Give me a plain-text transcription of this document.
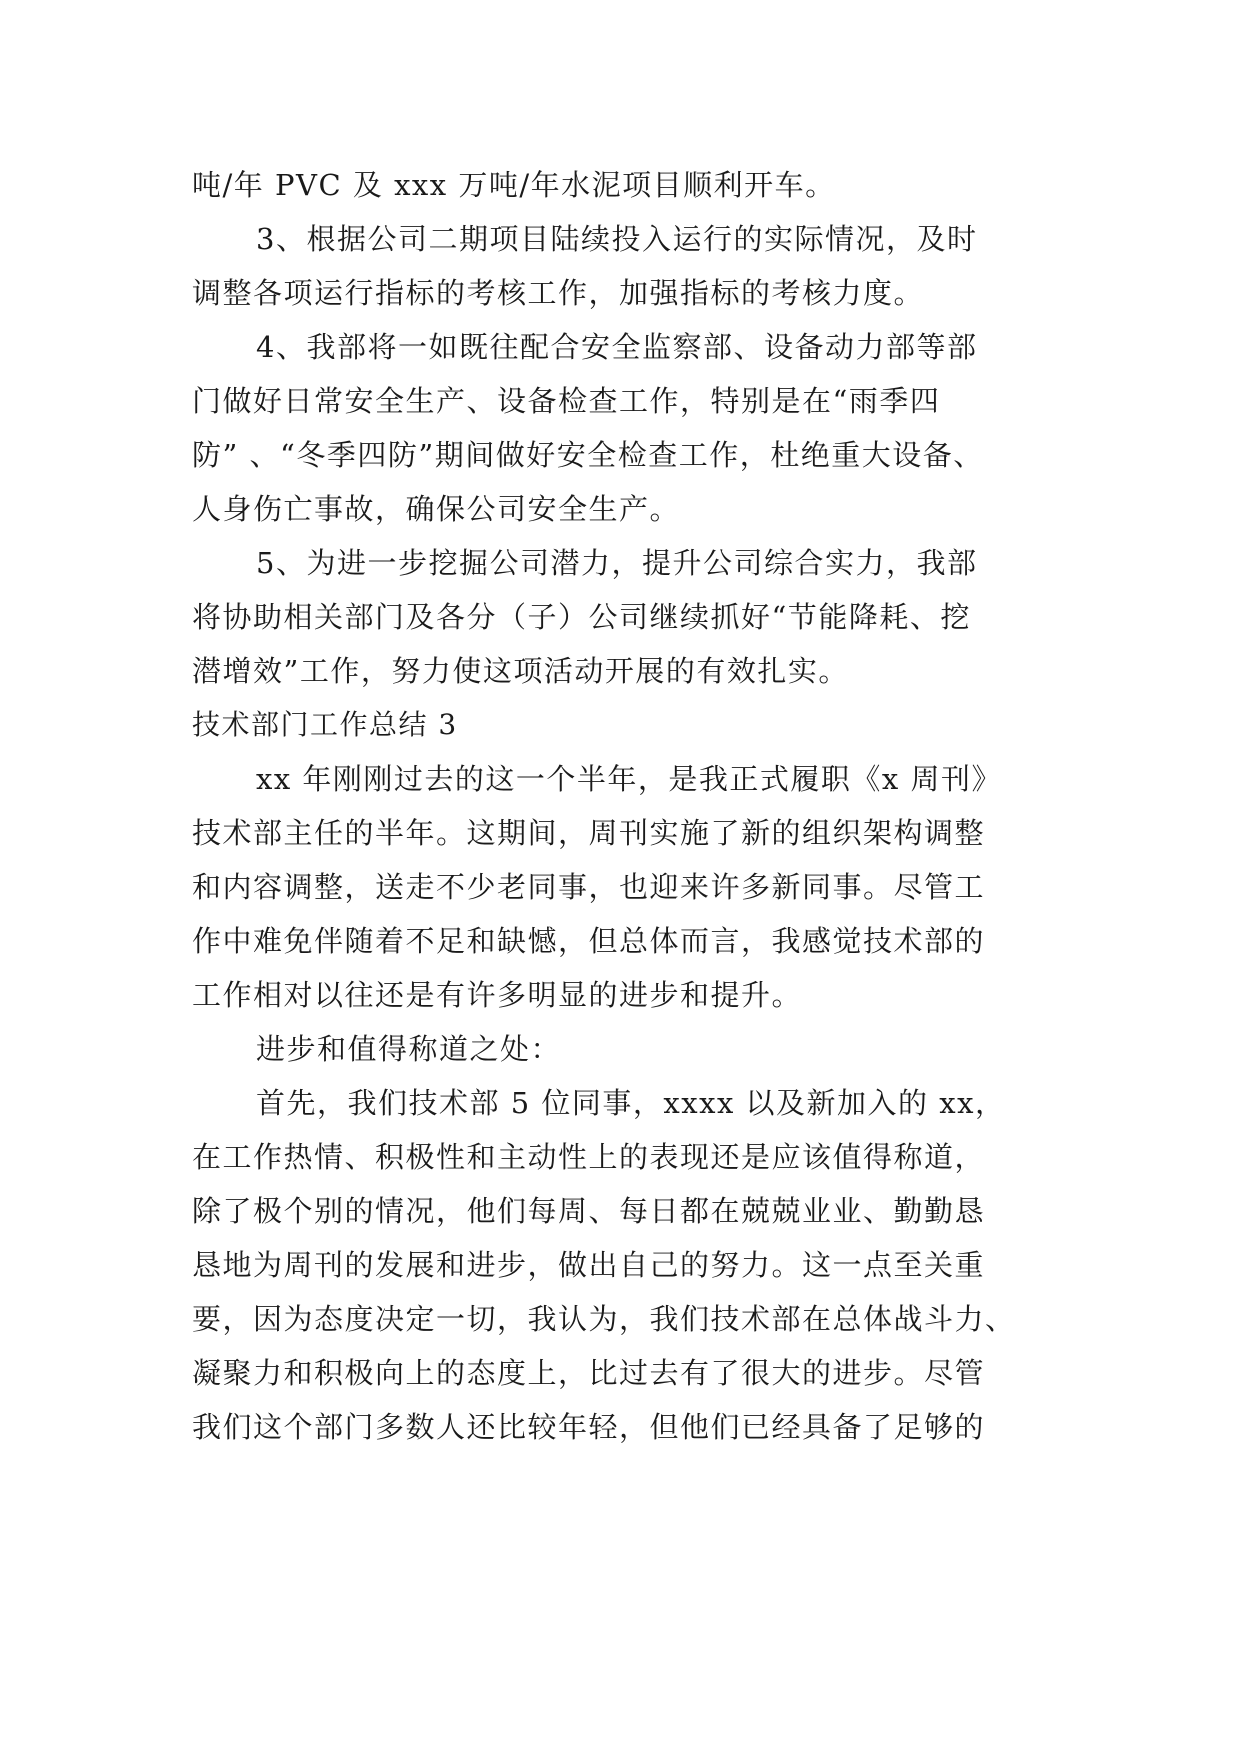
吨/年 PVC 及 xxx 万吨/年水泥项目顺利开车。
3、根据公司二期项目陆续投入运行的实际情况，及时
调整各项运行指标的考核工作，加强指标的考核力度。
4、我部将一如既往配合安全监察部、设备动力部等部
门做好日常安全生产、设备检查工作，特别是在“雨季四
防” 、“冬季四防”期间做好安全检查工作，杜绝重大设备、
人身伤亡事故，确保公司安全生产。
5、为进一步挖掘公司潜力，提升公司综合实力，我部
将协助相关部门及各分（子）公司继续抓好“节能降耗、挖
潜增效”工作，努力使这项活动开展的有效扎实。
技术部门工作总结 3
xx 年刚刚过去的这一个半年，是我正式履职《x 周刊》
技术部主任的半年。这期间，周刊实施了新的组织架构调整
和内容调整，送走不少老同事，也迎来许多新同事。尽管工
作中难免伴随着不足和缺憾，但总体而言，我感觉技术部的
工作相对以往还是有许多明显的进步和提升。
进步和值得称道之处：
首先，我们技术部 5 位同事，xxxx 以及新加入的 xx，
在工作热情、积极性和主动性上的表现还是应该值得称道，
除了极个别的情况，他们每周、每日都在兢兢业业、勤勤恳
恳地为周刊的发展和进步，做出自己的努力。这一点至关重
要，因为态度决定一切，我认为，我们技术部在总体战斗力、
凝聚力和积极向上的态度上，比过去有了很大的进步。尽管
我们这个部门多数人还比较年轻，但他们已经具备了足够的
